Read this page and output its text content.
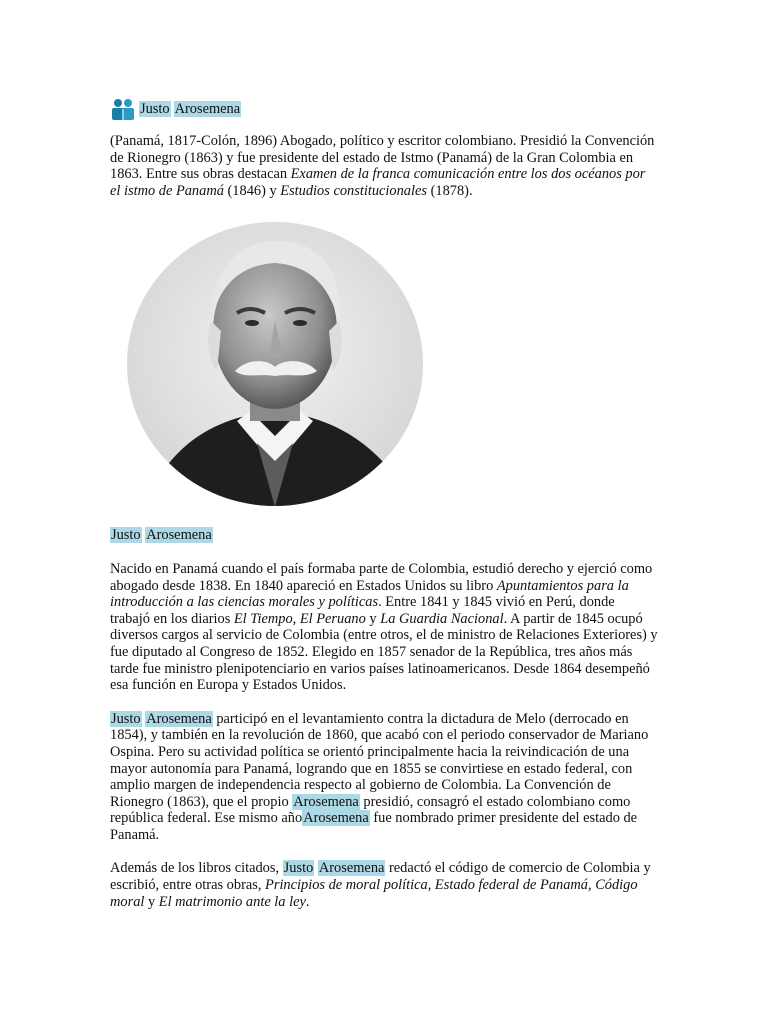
Justo Arosemena

(Panamá, 1817-Colón, 1896) Abogado, político y escritor colombiano. Presidió la Convención de Rionegro (1863) y fue presidente del estado de Istmo (Panamá) de la Gran Colombia en 1863. Entre sus obras destacan Examen de la franca comunicación entre los dos océanos por el istmo de Panamá (1846) y Estudios constitucionales (1878).

Justo Arosemena

Nacido en Panamá cuando el país formaba parte de Colombia, estudió derecho y ejerció como abogado desde 1838. En 1840 apareció en Estados Unidos su libro Apuntamientos para la introducción a las ciencias morales y políticas. Entre 1841 y 1845 vivió en Perú, donde trabajó en los diarios El Tiempo, El Peruano y La Guardia Nacional. A partir de 1845 ocupó diversos cargos al servicio de Colombia (entre otros, el de ministro de Relaciones Exteriores) y fue diputado al Congreso de 1852. Elegido en 1857 senador de la República, tres años más tarde fue ministro plenipotenciario en varios países latinoamericanos. Desde 1864 desempeñó esa función en Europa y Estados Unidos.

Justo Arosemena participó en el levantamiento contra la dictadura de Melo (derrocado en 1854), y también en la revolución de 1860, que acabó con el periodo conservador de Mariano Ospina. Pero su actividad política se orientó principalmente hacia la reivindicación de una mayor autonomía para Panamá, logrando que en 1855 se convirtiese en estado federal, con amplio margen de independencia respecto al gobierno de Colombia. La Convención de Rionegro (1863), que el propio Arosemena presidió, consagró el estado colombiano como república federal. Ese mismo añoArosemena fue nombrado primer presidente del estado de Panamá.

Además de los libros citados, Justo Arosemena redactó el código de comercio de Colombia y escribió, entre otras obras, Principios de moral política, Estado federal de Panamá, Código moral y El matrimonio ante la ley.
